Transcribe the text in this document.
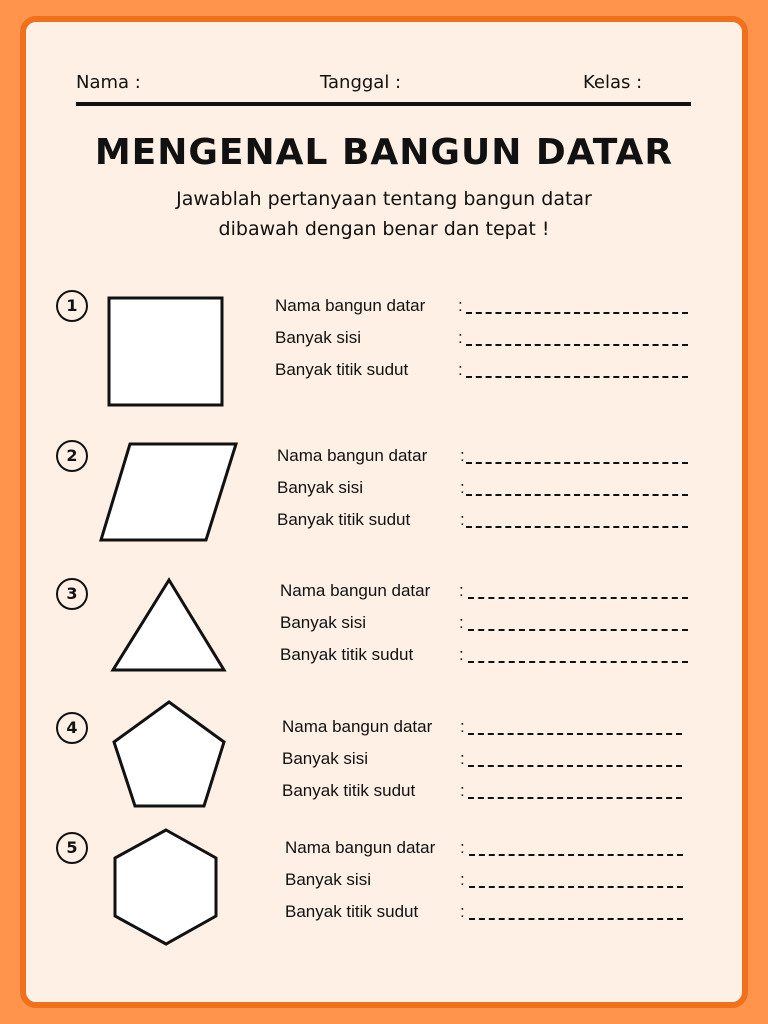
Nama :	Tanggal :	Kelas :
MENGENAL BANGUN DATAR
Jawablah pertanyaan tentang bangun datar
dibawah dengan benar dan tepat !
1	Nama bangun datar :
Banyak sisi	:
Banyak titik sudut	:
2	Nama bangun datar :
Banyak sisi	:
Banyak titik sudut	:
3	Nama bangun datar :
Banyak sisi	:
Banyak titik sudut	:
4	Nama bangun datar :
Banyak sisi	:
Banyak titik sudut	:
5	Nama bangun datar :
Banyak sisi	:
Banyak titik sudut :
